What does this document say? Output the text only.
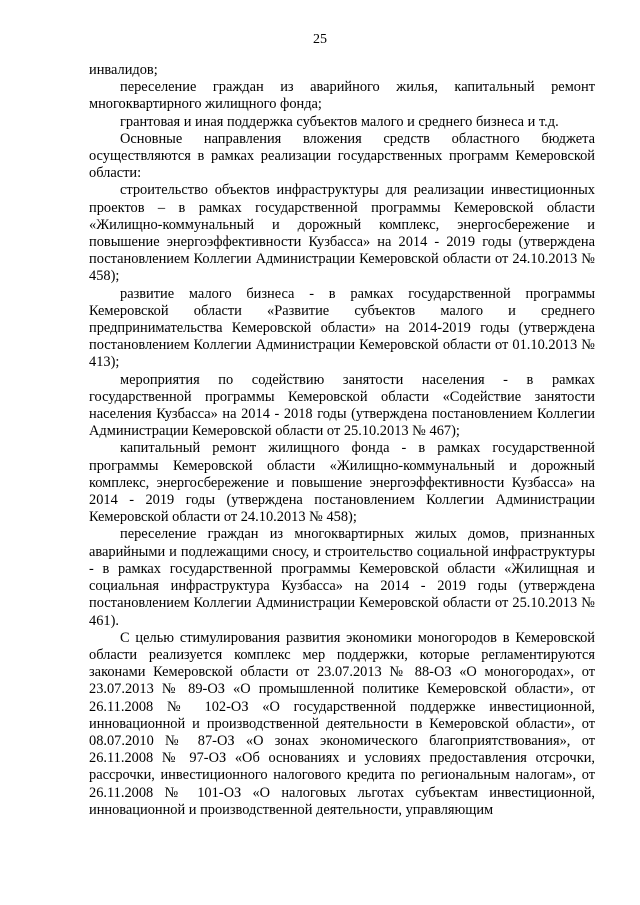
25

инвалидов;

переселение граждан из аварийного жилья, капитальный ремонт многоквартирного жилищного фонда;

грантовая и иная поддержка субъектов малого и среднего бизнеса и т.д.

Основные направления вложения средств областного бюджета осуществляются в рамках реализации государственных программ Кемеровской области:

строительство объектов инфраструктуры для реализации инвестиционных проектов – в рамках государственной программы Кемеровской области «Жилищно-коммунальный и дорожный комплекс, энергосбережение и повышение энергоэффективности Кузбасса» на 2014 - 2019 годы (утверждена постановлением Коллегии Администрации Кемеровской области от 24.10.2013 № 458);

развитие малого бизнеса - в рамках государственной программы Кемеровской области «Развитие субъектов малого и среднего предпринимательства Кемеровской области» на 2014-2019 годы (утверждена постановлением Коллегии Администрации Кемеровской области от 01.10.2013 № 413);

мероприятия по содействию занятости населения - в рамках государственной программы Кемеровской области «Содействие занятости населения Кузбасса» на 2014 - 2018 годы (утверждена постановлением Коллегии Администрации Кемеровской области от 25.10.2013 № 467);

капитальный ремонт жилищного фонда - в рамках государственной программы Кемеровской области «Жилищно-коммунальный и дорожный комплекс, энергосбережение и повышение энергоэффективности Кузбасса» на 2014 - 2019 годы (утверждена постановлением Коллегии Администрации Кемеровской области от 24.10.2013 № 458);

переселение граждан из многоквартирных жилых домов, признанных аварийными и подлежащими сносу, и строительство социальной инфраструктуры - в рамках государственной программы Кемеровской области «Жилищная и социальная инфраструктура Кузбасса» на 2014 - 2019 годы (утверждена постановлением Коллегии Администрации Кемеровской области от 25.10.2013 № 461).

С целью стимулирования развития экономики моногородов в Кемеровской области реализуется комплекс мер поддержки, которые регламентируются законами Кемеровской области от 23.07.2013 № 88-ОЗ «О моногородах», от 23.07.2013 № 89-ОЗ «О промышленной политике Кемеровской области», от 26.11.2008 № 102-ОЗ «О государственной поддержке инвестиционной, инновационной и производственной деятельности в Кемеровской области», от 08.07.2010 № 87-ОЗ «О зонах экономического благоприятствования», от 26.11.2008 № 97-ОЗ «Об основаниях и условиях предоставления отсрочки, рассрочки, инвестиционного налогового кредита по региональным налогам», от 26.11.2008 № 101-ОЗ «О налоговых льготах субъектам инвестиционной, инновационной и производственной деятельности, управляющим
